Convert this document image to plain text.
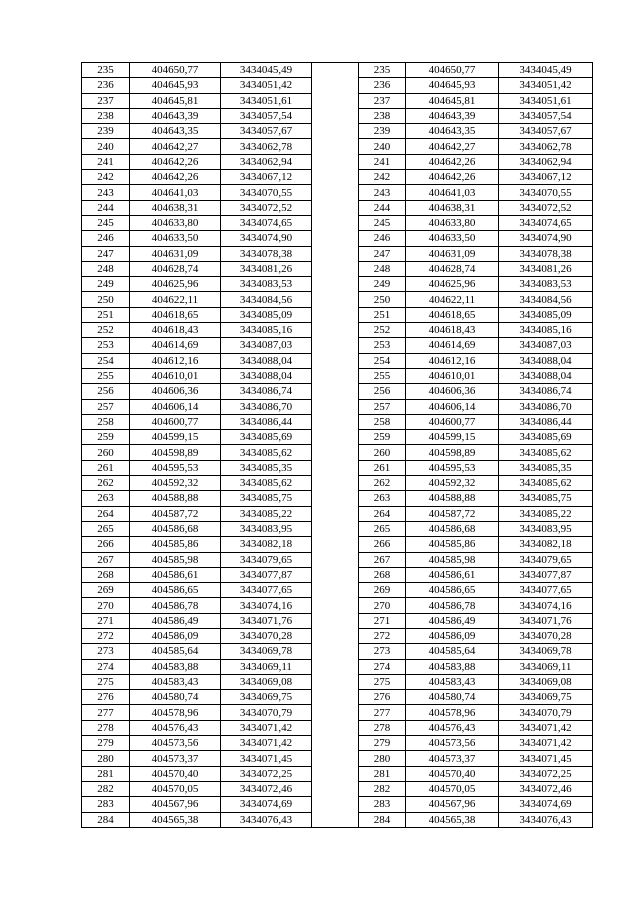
235	404650,77	3434045,49		235	404650,77	3434045,49
236	404645,93	3434051,42		236	404645,93	3434051,42
237	404645,81	3434051,61		237	404645,81	3434051,61
238	404643,39	3434057,54		238	404643,39	3434057,54
239	404643,35	3434057,67		239	404643,35	3434057,67
240	404642,27	3434062,78		240	404642,27	3434062,78
241	404642,26	3434062,94		241	404642,26	3434062,94
242	404642,26	3434067,12		242	404642,26	3434067,12
243	404641,03	3434070,55		243	404641,03	3434070,55
244	404638,31	3434072,52		244	404638,31	3434072,52
245	404633,80	3434074,65		245	404633,80	3434074,65
246	404633,50	3434074,90		246	404633,50	3434074,90
247	404631,09	3434078,38		247	404631,09	3434078,38
248	404628,74	3434081,26		248	404628,74	3434081,26
249	404625,96	3434083,53		249	404625,96	3434083,53
250	404622,11	3434084,56		250	404622,11	3434084,56
251	404618,65	3434085,09		251	404618,65	3434085,09
252	404618,43	3434085,16		252	404618,43	3434085,16
253	404614,69	3434087,03		253	404614,69	3434087,03
254	404612,16	3434088,04		254	404612,16	3434088,04
255	404610,01	3434088,04		255	404610,01	3434088,04
256	404606,36	3434086,74		256	404606,36	3434086,74
257	404606,14	3434086,70		257	404606,14	3434086,70
258	404600,77	3434086,44		258	404600,77	3434086,44
259	404599,15	3434085,69		259	404599,15	3434085,69
260	404598,89	3434085,62		260	404598,89	3434085,62
261	404595,53	3434085,35		261	404595,53	3434085,35
262	404592,32	3434085,62		262	404592,32	3434085,62
263	404588,88	3434085,75		263	404588,88	3434085,75
264	404587,72	3434085,22		264	404587,72	3434085,22
265	404586,68	3434083,95		265	404586,68	3434083,95
266	404585,86	3434082,18		266	404585,86	3434082,18
267	404585,98	3434079,65		267	404585,98	3434079,65
268	404586,61	3434077,87		268	404586,61	3434077,87
269	404586,65	3434077,65		269	404586,65	3434077,65
270	404586,78	3434074,16		270	404586,78	3434074,16
271	404586,49	3434071,76		271	404586,49	3434071,76
272	404586,09	3434070,28		272	404586,09	3434070,28
273	404585,64	3434069,78		273	404585,64	3434069,78
274	404583,88	3434069,11		274	404583,88	3434069,11
275	404583,43	3434069,08		275	404583,43	3434069,08
276	404580,74	3434069,75		276	404580,74	3434069,75
277	404578,96	3434070,79		277	404578,96	3434070,79
278	404576,43	3434071,42		278	404576,43	3434071,42
279	404573,56	3434071,42		279	404573,56	3434071,42
280	404573,37	3434071,45		280	404573,37	3434071,45
281	404570,40	3434072,25		281	404570,40	3434072,25
282	404570,05	3434072,46		282	404570,05	3434072,46
283	404567,96	3434074,69		283	404567,96	3434074,69
284	404565,38	3434076,43		284	404565,38	3434076,43
